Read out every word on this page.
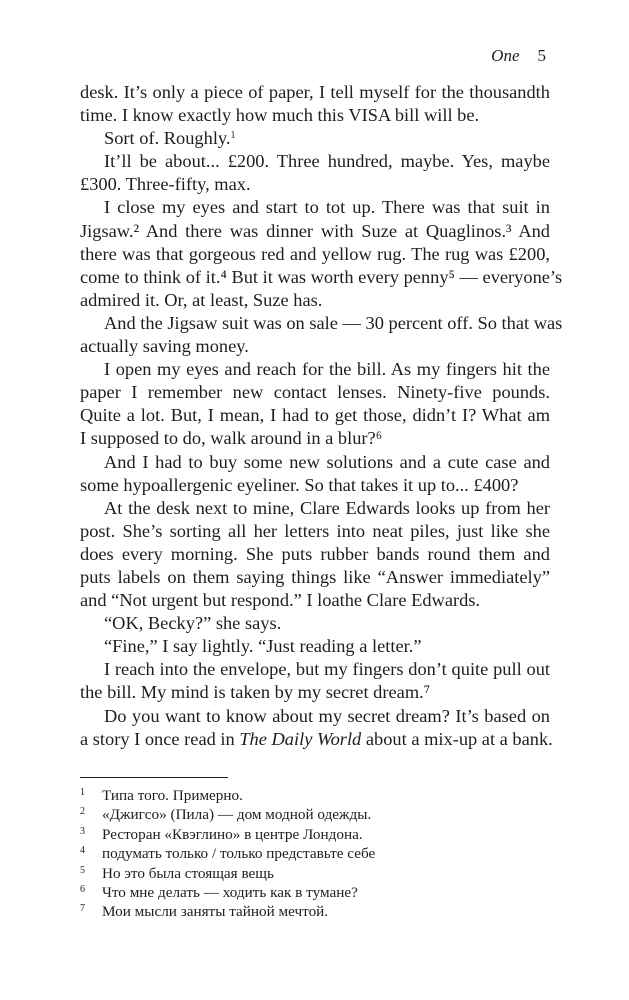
One 5
desk. It’s only a piece of paper, I tell myself for the thousandth
time. I know exactly how much this VISA bill will be.
Sort of. Roughly.$^1$
It’ll be about... £200. Three hundred, maybe. Yes, maybe
£300. Three-fifty, max.
I close my eyes and start to tot up. There was that suit in
Jigsaw.² And there was dinner with Suze at Quaglinos.³ And
there was that gorgeous red and yellow rug. The rug was £200,
come to think of it.⁴ But it was worth every penny⁵ — everyone’s
admired it. Or, at least, Suze has.
And the Jigsaw suit was on sale — 30 percent off. So that was
actually saving money.
I open my eyes and reach for the bill. As my fingers hit the
paper I remember new contact lenses. Ninety-five pounds.
Quite a lot. But, I mean, I had to get those, didn’t I? What am
I supposed to do, walk around in a blur?⁶
And I had to buy some new solutions and a cute case and
some hypoallergenic eyeliner. So that takes it up to... £400?
At the desk next to mine, Clare Edwards looks up from her
post. She’s sorting all her letters into neat piles, just like she
does every morning. She puts rubber bands round them and
puts labels on them saying things like “Answer immediately”
and “Not urgent but respond.” I loathe Clare Edwards.
“OK, Becky?” she says.
“Fine,” I say lightly. “Just reading a letter.”
I reach into the envelope, but my fingers don’t quite pull out
the bill. My mind is taken by my secret dream.⁷
Do you want to know about my secret dream? It’s based on
a story I once read in The Daily World about a mix-up at a bank.
1 Типа того. Примерно.
2 «Джигсо» (Пила) — дом модной одежды.
3 Ресторан «Квэглино» в центре Лондона.
4 подумать только / только представьте себе
5 Но это была стоящая вещь
6 Что мне делать — ходить как в тумане?
7 Мои мысли заняты тайной мечтой.
